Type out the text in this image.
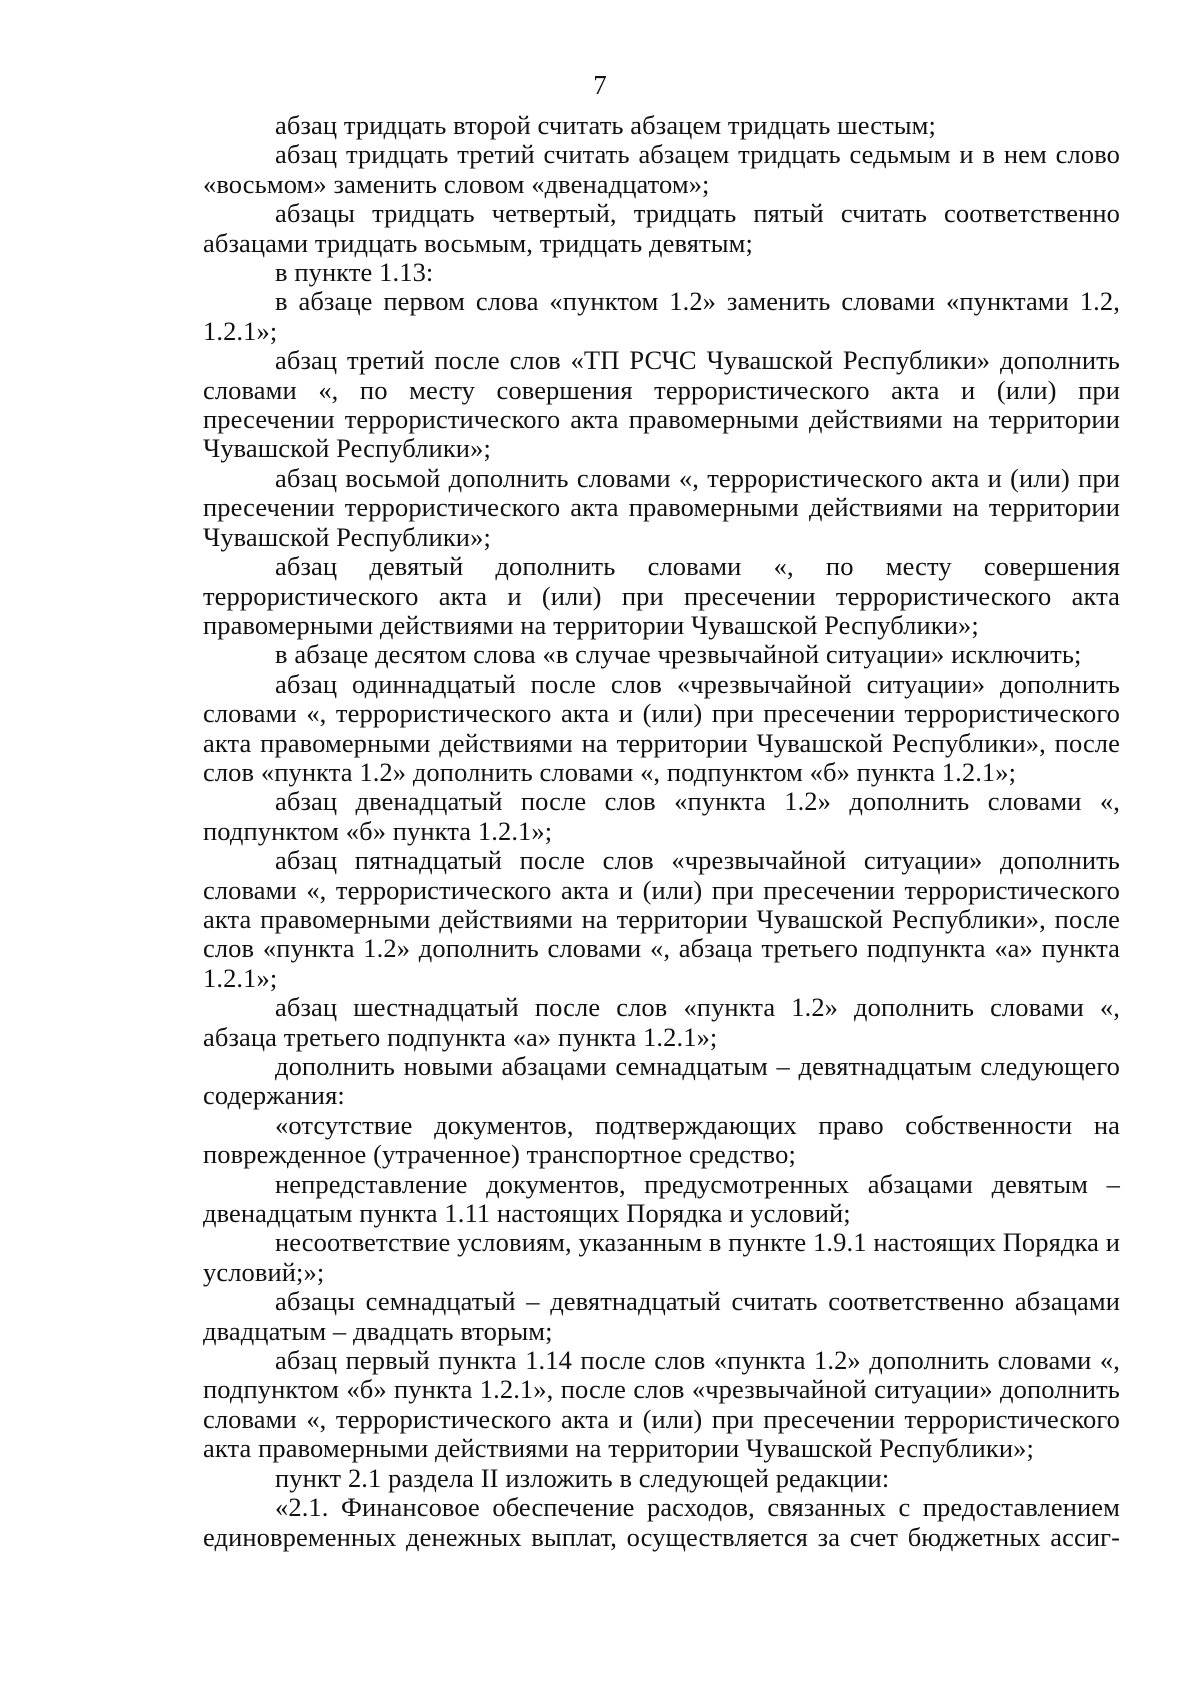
7

абзац тридцать второй считать абзацем тридцать шестым;

абзац тридцать третий считать абзацем тридцать седьмым и в нем слово «восьмом» заменить словом «двенадцатом»;

абзацы тридцать четвертый, тридцать пятый считать соответственно абзацами тридцать восьмым, тридцать девятым;

в пункте 1.13:

в абзаце первом слова «пунктом 1.2» заменить словами «пунктами 1.2, 1.2.1»;

абзац третий после слов «ТП РСЧС Чувашской Республики» дополнить словами «, по месту совершения террористического акта и (или) при пресечении террористического акта правомерными действиями на территории Чувашской Республики»;

абзац восьмой дополнить словами «, террористического акта и (или) при пресечении террористического акта правомерными действиями на территории Чувашской Республики»;

абзац девятый дополнить словами «, по месту совершения террористического акта и (или) при пресечении террористического акта правомерными действиями на территории Чувашской Республики»;

в абзаце десятом слова «в случае чрезвычайной ситуации» исключить;

абзац одиннадцатый после слов «чрезвычайной ситуации» дополнить словами «, террористического акта и (или) при пресечении террористического акта правомерными действиями на территории Чувашской Республики», после слов «пункта 1.2» дополнить словами «, подпунктом «б» пункта 1.2.1»;

абзац двенадцатый после слов «пункта 1.2» дополнить словами «, подпунктом «б» пункта 1.2.1»;

абзац пятнадцатый после слов «чрезвычайной ситуации» дополнить словами «, террористического акта и (или) при пресечении террористического акта правомерными действиями на территории Чувашской Республики», после слов «пункта 1.2» дополнить словами «, абзаца третьего подпункта «а» пункта 1.2.1»;

абзац шестнадцатый после слов «пункта 1.2» дополнить словами «, абзаца третьего подпункта «а» пункта 1.2.1»;

дополнить новыми абзацами семнадцатым – девятнадцатым следующего содержания:

«отсутствие документов, подтверждающих право собственности на поврежденное (утраченное) транспортное средство;

непредставление документов, предусмотренных абзацами девятым – двенадцатым пункта 1.11 настоящих Порядка и условий;

несоответствие условиям, указанным в пункте 1.9.1 настоящих Порядка и условий;»;

абзацы семнадцатый – девятнадцатый считать соответственно абзацами двадцатым – двадцать вторым;

абзац первый пункта 1.14 после слов «пункта 1.2» дополнить словами «, подпунктом «б» пункта 1.2.1», после слов «чрезвычайной ситуации» дополнить словами «, террористического акта и (или) при пресечении террористического акта правомерными действиями на территории Чувашской Республики»;

пункт 2.1 раздела II изложить в следующей редакции:

«2.1. Финансовое обеспечение расходов, связанных с предоставлением единовременных денежных выплат, осуществляется за счет бюджетных ассиг-
